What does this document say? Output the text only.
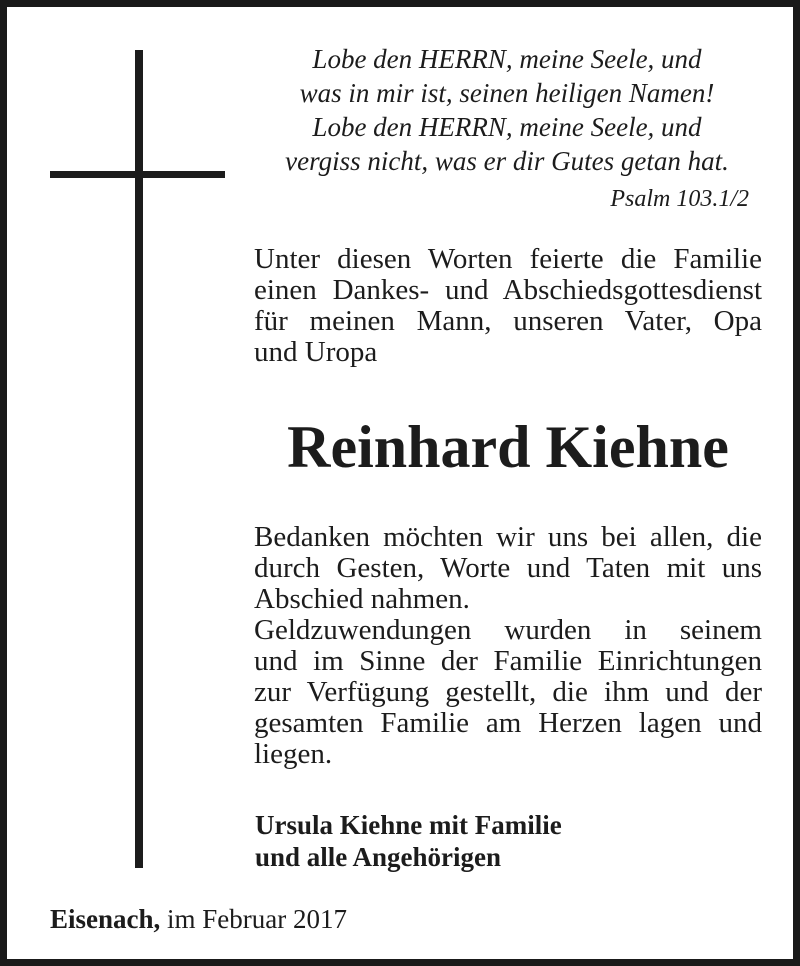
Lobe den HERRN, meine Seele, und
was in mir ist, seinen heiligen Namen!
Lobe den HERRN, meine Seele, und
vergiss nicht, was er dir Gutes getan hat.
Psalm 103.1/2
Unter diesen Worten feierte die Familie
einen Dankes- und Abschiedsgottesdienst
für meinen Mann, unseren Vater, Opa
und Uropa
Reinhard Kiehne
Bedanken möchten wir uns bei allen, die
durch Gesten, Worte und Taten mit uns
Abschied nahmen.
Geldzuwendungen wurden in seinem
und im Sinne der Familie Einrichtungen
zur Verfügung gestellt, die ihm und der
gesamten Familie am Herzen lagen und
liegen.
Ursula Kiehne mit Familie
und alle Angehörigen
Eisenach, im Februar 2017
